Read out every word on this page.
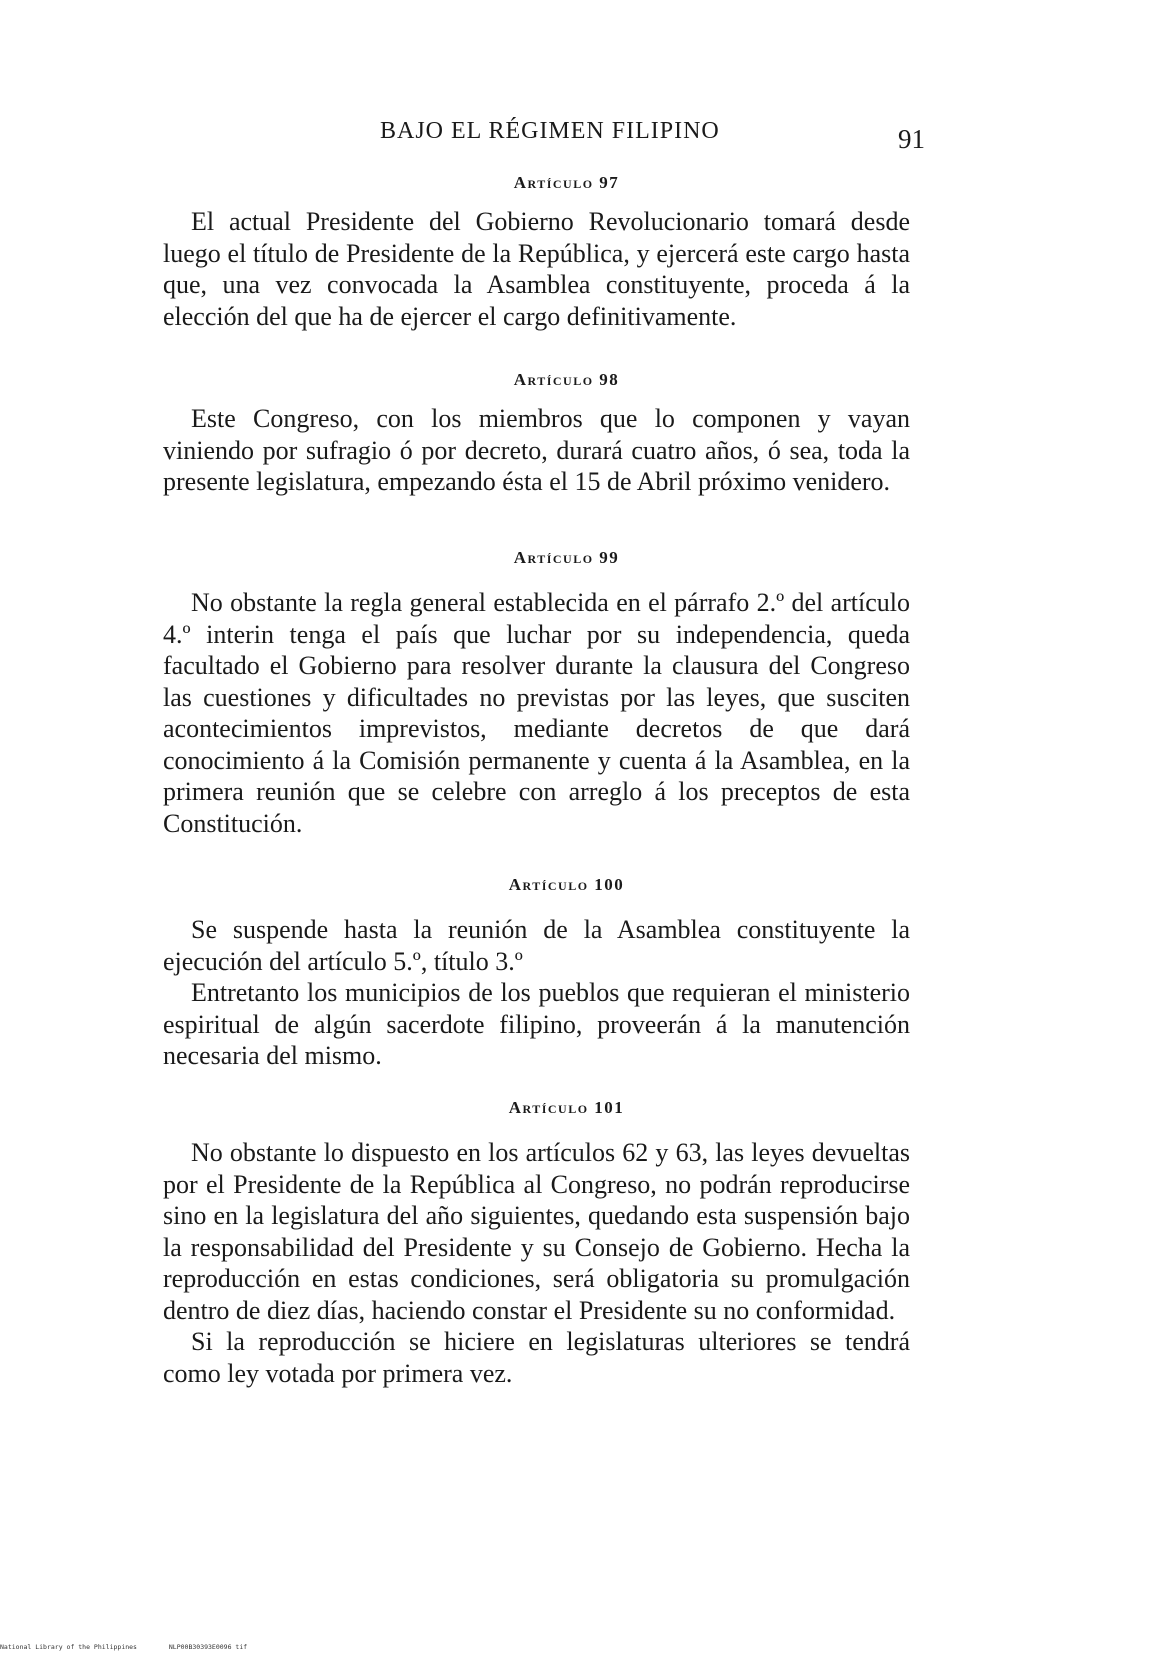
BAJO EL RÉGIMEN FILIPINO	91
Artículo 97

El actual Presidente del Gobierno Revolucionario tomará desde luego el título de Presidente de la República, y ejercerá este cargo hasta que, una vez convocada la Asamblea constituyente, proceda á la elección del que ha de ejercer el cargo definitivamente.

Artículo 98

Este Congreso, con los miembros que lo componen y vayan viniendo por sufragio ó por decreto, durará cuatro años, ó sea, toda la presente legislatura, empezando ésta el 15 de Abril próximo venidero.

Artículo 99

No obstante la regla general establecida en el párrafo 2.º del artículo 4.º interin tenga el país que luchar por su independencia, queda facultado el Gobierno para resolver durante la clausura del Congreso las cuestiones y dificultades no previstas por las leyes, que susciten acontecimientos imprevistos, mediante decretos de que dará conocimiento á la Comisión permanente y cuenta á la Asamblea, en la primera reunión que se celebre con arreglo á los preceptos de esta Constitución.

Artículo 100

Se suspende hasta la reunión de la Asamblea constituyente la ejecución del artículo 5.º, título 3.º

Entretanto los municipios de los pueblos que requieran el ministerio espiritual de algún sacerdote filipino, proveerán á la manutención necesaria del mismo.

Artículo 101

No obstante lo dispuesto en los artículos 62 y 63, las leyes devueltas por el Presidente de la República al Congreso, no podrán reproducirse sino en la legislatura del año siguientes, quedando esta suspensión bajo la responsabilidad del Presidente y su Consejo de Gobierno. Hecha la reproducción en estas condiciones, será obligatoria su promulgación dentro de diez días, haciendo constar el Presidente su no conformidad.

Si la reproducción se hiciere en legislaturas ulteriores se tendrá como ley votada por primera vez.

National Library of the Philippines	NLP00B30393E0096 tif
